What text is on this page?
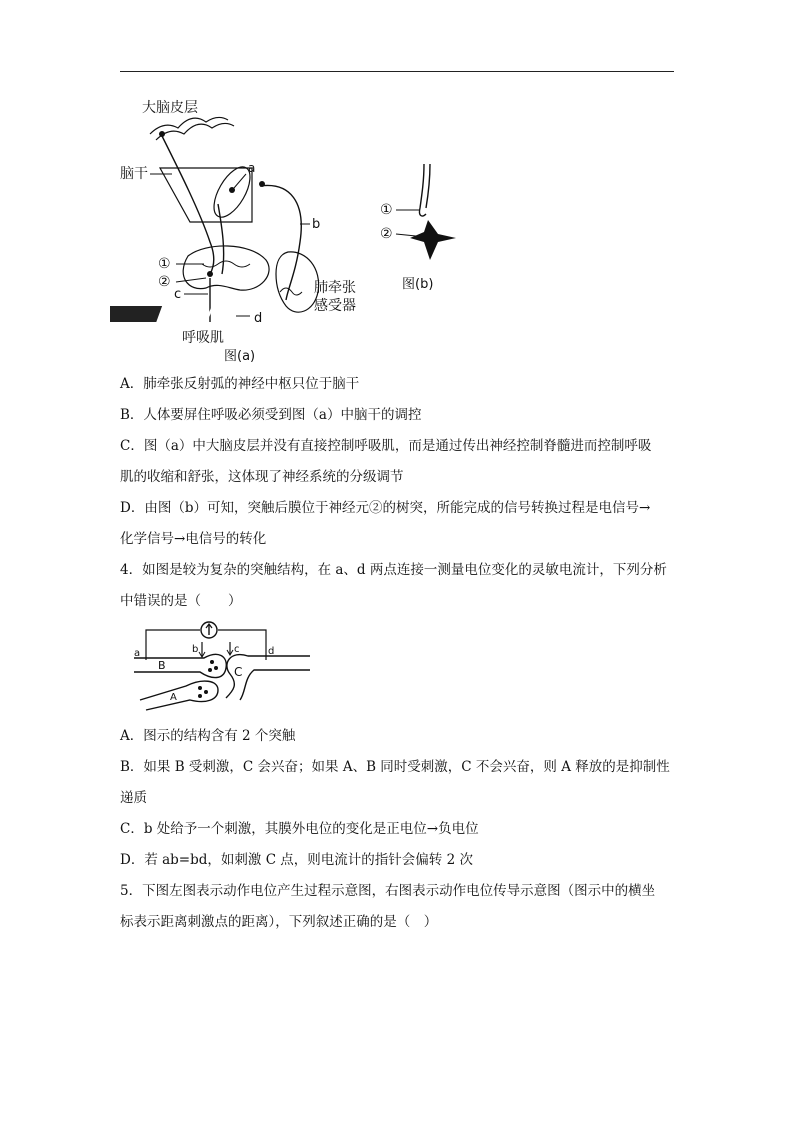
大脑皮层
脑干	a
b
①
②
c	肺牵张
感受器
d
呼吸肌
图(a)
①
②
图(b)
A．肺牵张反射弧的神经中枢只位于脑干
B．人体要屏住呼吸必须受到图（a）中脑干的调控
C．图（a）中大脑皮层并没有直接控制呼吸肌，而是通过传出神经控制脊髓进而控制呼吸
肌的收缩和舒张，这体现了神经系统的分级调节
D．由图（b）可知，突触后膜位于神经元②的树突，所能完成的信号转换过程是电信号→
化学信号→电信号的转化
4．如图是较为复杂的突触结构，在 a、d 两点连接一测量电位变化的灵敏电流计，下列分析
中错误的是（　　）
a	b	c	d
B	C
A
A．图示的结构含有 2 个突触
B．如果 B 受刺激，C 会兴奋；如果 A、B 同时受刺激，C 不会兴奋，则 A 释放的是抑制性
递质
C．b 处给予一个刺激，其膜外电位的变化是正电位→负电位
D．若 ab=bd，如刺激 C 点，则电流计的指针会偏转 2 次
5．下图左图表示动作电位产生过程示意图，右图表示动作电位传导示意图（图示中的横坐
标表示距离刺激点的距离），下列叙述正确的是（　）
